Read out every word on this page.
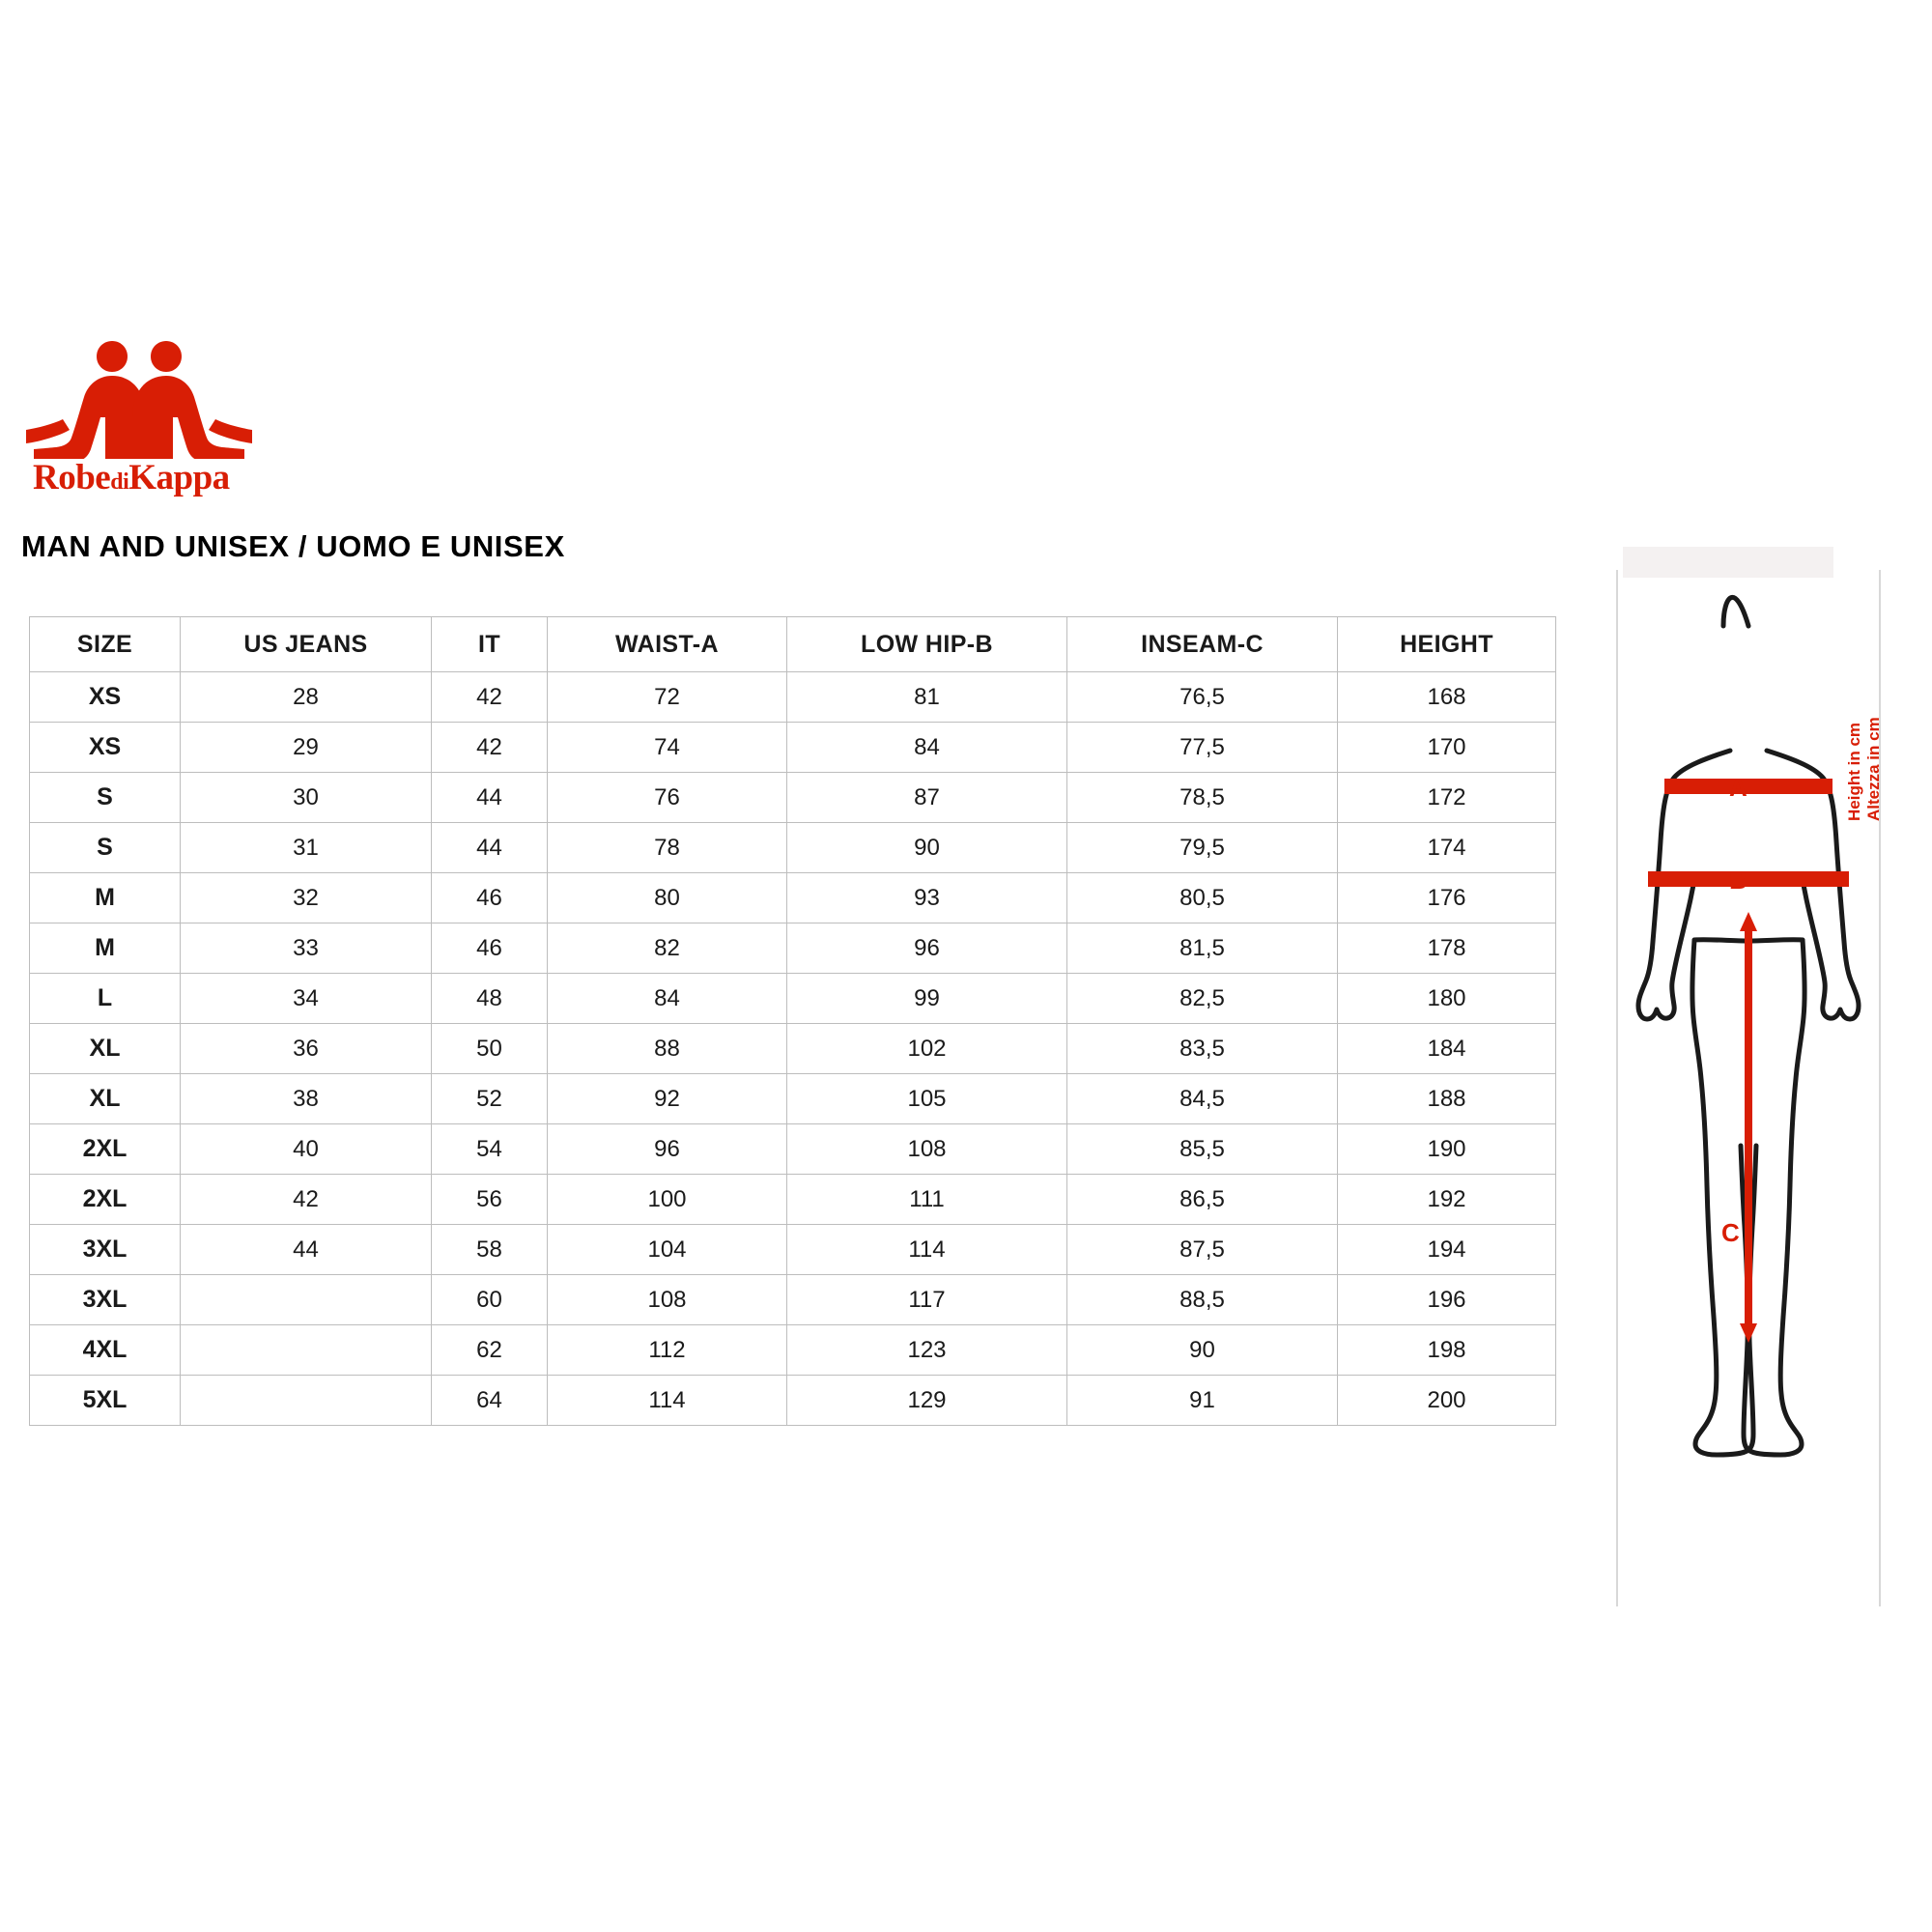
RobediKappa
MAN AND UNISEX / UOMO E UNISEX
SIZE	US JEANS	IT	WAIST-A	LOW HIP-B	INSEAM-C	HEIGHT
XS	28	42	72	81	76,5	168
XS	29	42	74	84	77,5	170
S	30	44	76	87	78,5	172
S	31	44	78	90	79,5	174
M	32	46	80	93	80,5	176
M	33	46	82	96	81,5	178
L	34	48	84	99	82,5	180
XL	36	50	88	102	83,5	184
XL	38	52	92	105	84,5	188
2XL	40	54	96	108	85,5	190
2XL	42	56	100	111	86,5	192
3XL	44	58	104	114	87,5	194
3XL		60	108	117	88,5	196
4XL		62	112	123	90	198
5XL		64	114	129	91	200
A
B
C
Height in cm Altezza in cm
